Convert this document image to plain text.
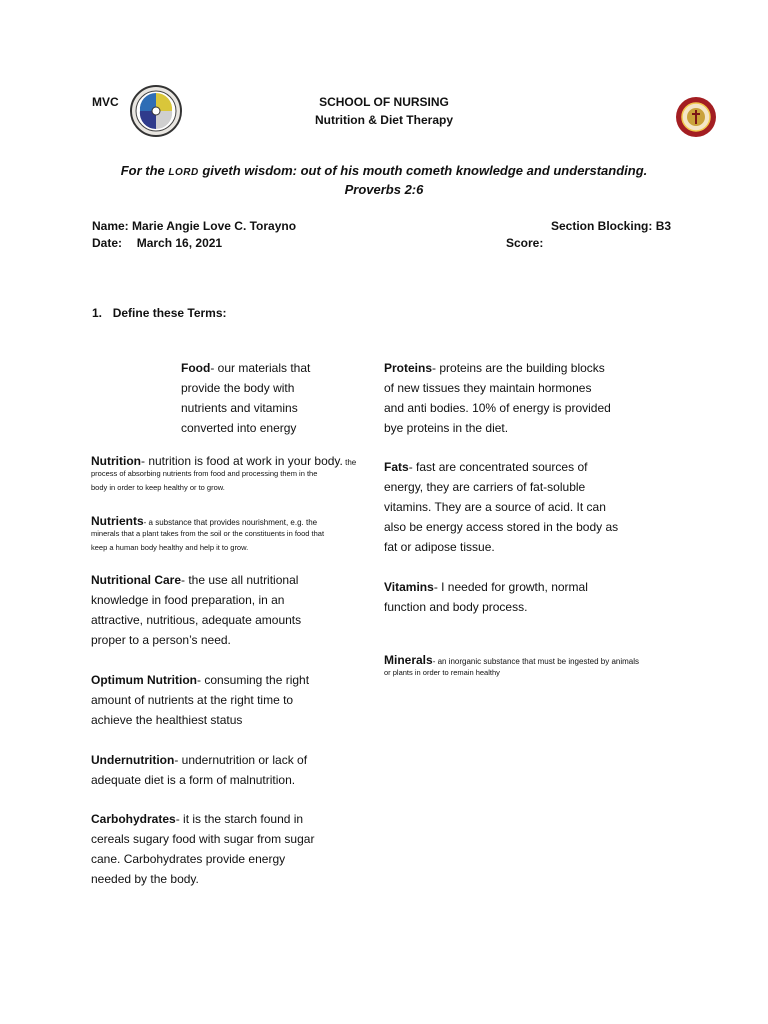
MVC	SCHOOL OF NURSING
Nutrition & Diet Therapy
For the LORD giveth wisdom: out of his mouth cometh knowledge and understanding.
Proverbs 2:6
Name: Marie Angie Love C. Torayno	Section Blocking: B3
Date: March 16, 2021	Score:
1. Define these Terms:
Food- our materials that
provide the body with
nutrients and vitamins
converted into energy
Nutrition- nutrition is food at work in your body. the
process of absorbing nutrients from food and processing them in the
body in order to keep healthy or to grow.
Nutrients- a substance that provides nourishment, e.g. the
minerals that a plant takes from the soil or the constituents in food that
keep a human body healthy and help it to grow.
Nutritional Care- the use all nutritional
knowledge in food preparation, in an
attractive, nutritious, adequate amounts
proper to a person’s need.
Optimum Nutrition- consuming the right
amount of nutrients at the right time to
achieve the healthiest status
Undernutrition- undernutrition or lack of
adequate diet is a form of malnutrition.
Carbohydrates- it is the starch found in
cereals sugary food with sugar from sugar
cane. Carbohydrates provide energy
needed by the body.
Proteins- proteins are the building blocks
of new tissues they maintain hormones
and anti bodies. 10% of energy is provided
bye proteins in the diet.
Fats- fast are concentrated sources of
energy, they are carriers of fat-soluble
vitamins. They are a source of acid. It can
also be energy access stored in the body as
fat or adipose tissue.
Vitamins- I needed for growth, normal
function and body process.
Minerals- an inorganic substance that must be ingested by animals
or plants in order to remain healthy
